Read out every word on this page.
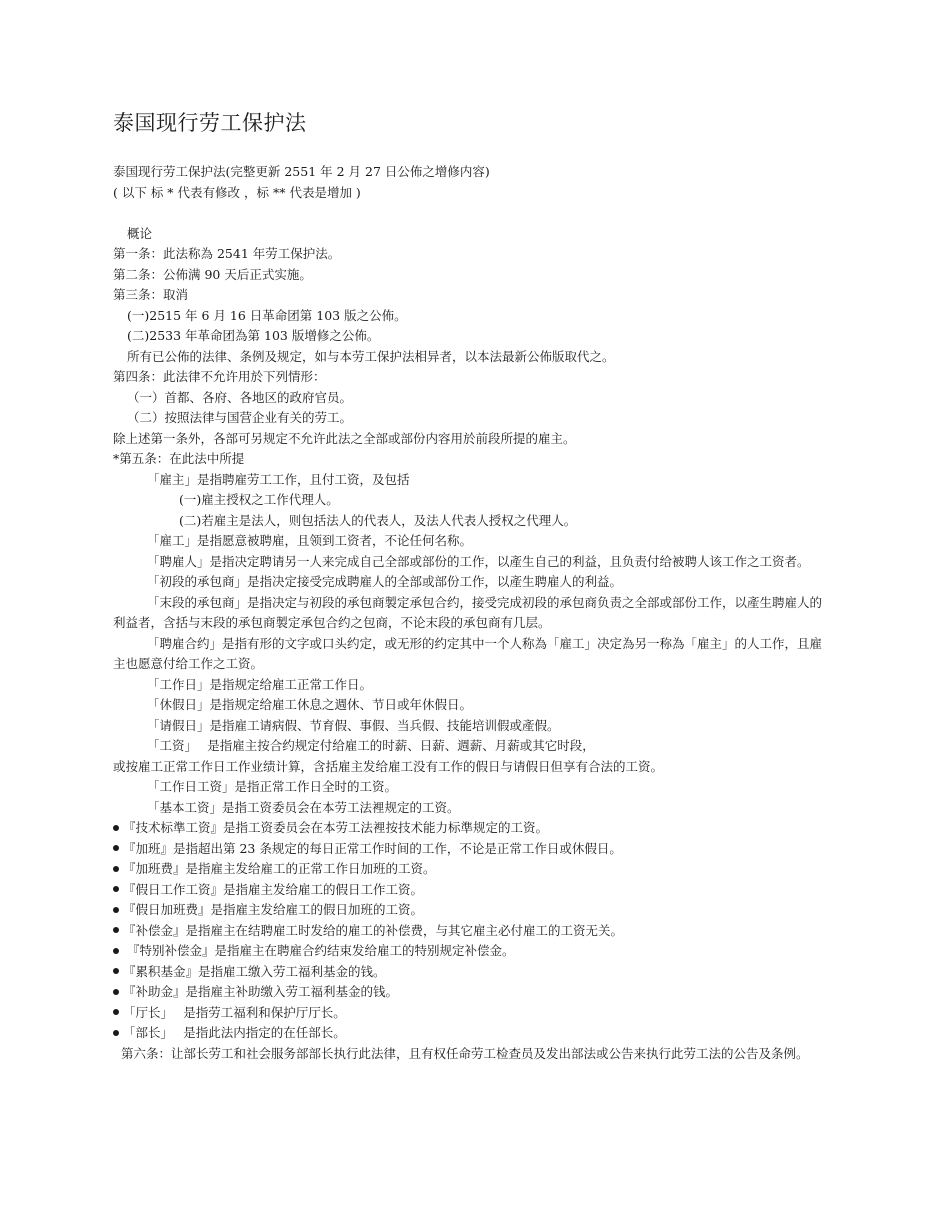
泰国现行劳工保护法
泰国现行劳工保护法(完整更新 2551 年 2 月 27 日公佈之增修内容)
( 以下 标 * 代表有修改 ，标 ** 代表是增加 )
概论
第一条：此法称為 2541 年劳工保护法。
第二条：公佈满 90 天后正式实施。
第三条：取消
(一)2515 年 6 月 16 日革命团第 103 版之公佈。
(二)2533 年革命团為第 103 版增修之公佈。
所有已公佈的法律、条例及规定，如与本劳工保护法相异者，以本法最新公佈版取代之。
第四条：此法律不允许用於下列情形：
（一）首都、各府、各地区的政府官员。
（二）按照法律与国营企业有关的劳工。
除上述第一条外，各部可另规定不允许此法之全部或部份内容用於前段所提的雇主。
*第五条：在此法中所提
「雇主」是指聘雇劳工工作，且付工资，及包括
(一)雇主授权之工作代理人。
(二)若雇主是法人，则包括法人的代表人，及法人代表人授权之代理人。
「雇工」是指愿意被聘雇，且领到工资者，不论任何名称。
「聘雇人」是指决定聘请另一人来完成自己全部或部份的工作，以產生自己的利益，且负责付给被聘人该工作之工资者。
「初段的承包商」是指决定接受完成聘雇人的全部或部份工作，以產生聘雇人的利益。
「末段的承包商」是指决定与初段的承包商製定承包合约，接受完成初段的承包商负责之全部或部份工作，以產生聘雇人的利益者，含括与末段的承包商製定承包合约之包商，不论末段的承包商有几层。
「聘雇合约」是指有形的文字或口头约定，或无形的约定其中一个人称為「雇工」决定為另一称為「雇主」的人工作，且雇主也愿意付给工作之工资。
「工作日」是指规定给雇工正常工作日。
「休假日」是指规定给雇工休息之週休、节日或年休假日。
「请假日」是指雇工请病假、节育假、事假、当兵假、技能培训假或產假。
「工资」　 是指雇主按合约规定付给雇工的时薪、日薪、週薪、月薪或其它时段，
或按雇工正常工作日工作业绩计算，含括雇主发给雇工没有工作的假日与请假日但享有合法的工资。
「工作日工资」是指正常工作日全时的工资。
「基本工资」是指工资委员会在本劳工法裡规定的工资。
『技术标準工资』是指工资委员会在本劳工法裡按技术能力标準规定的工资。
『加班』是指超出第 23 条规定的每日正常工作时间的工作，不论是正常工作日或休假日。
『加班费』是指雇主发给雇工的正常工作日加班的工资。
『假日工作工资』是指雇主发给雇工的假日工作工资。
『假日加班费』是指雇主发给雇工的假日加班的工资。
『补偿金』是指雇主在结聘雇工时发给的雇工的补偿费，与其它雇主必付雇工的工资无关。
『特别补偿金』是指雇主在聘雇合约结束发给雇工的特别规定补偿金。
『累积基金』是指雇工缴入劳工福利基金的钱。
『补助金』是指雇主补助缴入劳工福利基金的钱。
「厅长」　 是指劳工福利和保护厅厅长。
「部长」　 是指此法内指定的在任部长。
第六条：让部长劳工和社会服务部部长执行此法律，且有权任命劳工检查员及发出部法或公告来执行此劳工法的公告及条例。
